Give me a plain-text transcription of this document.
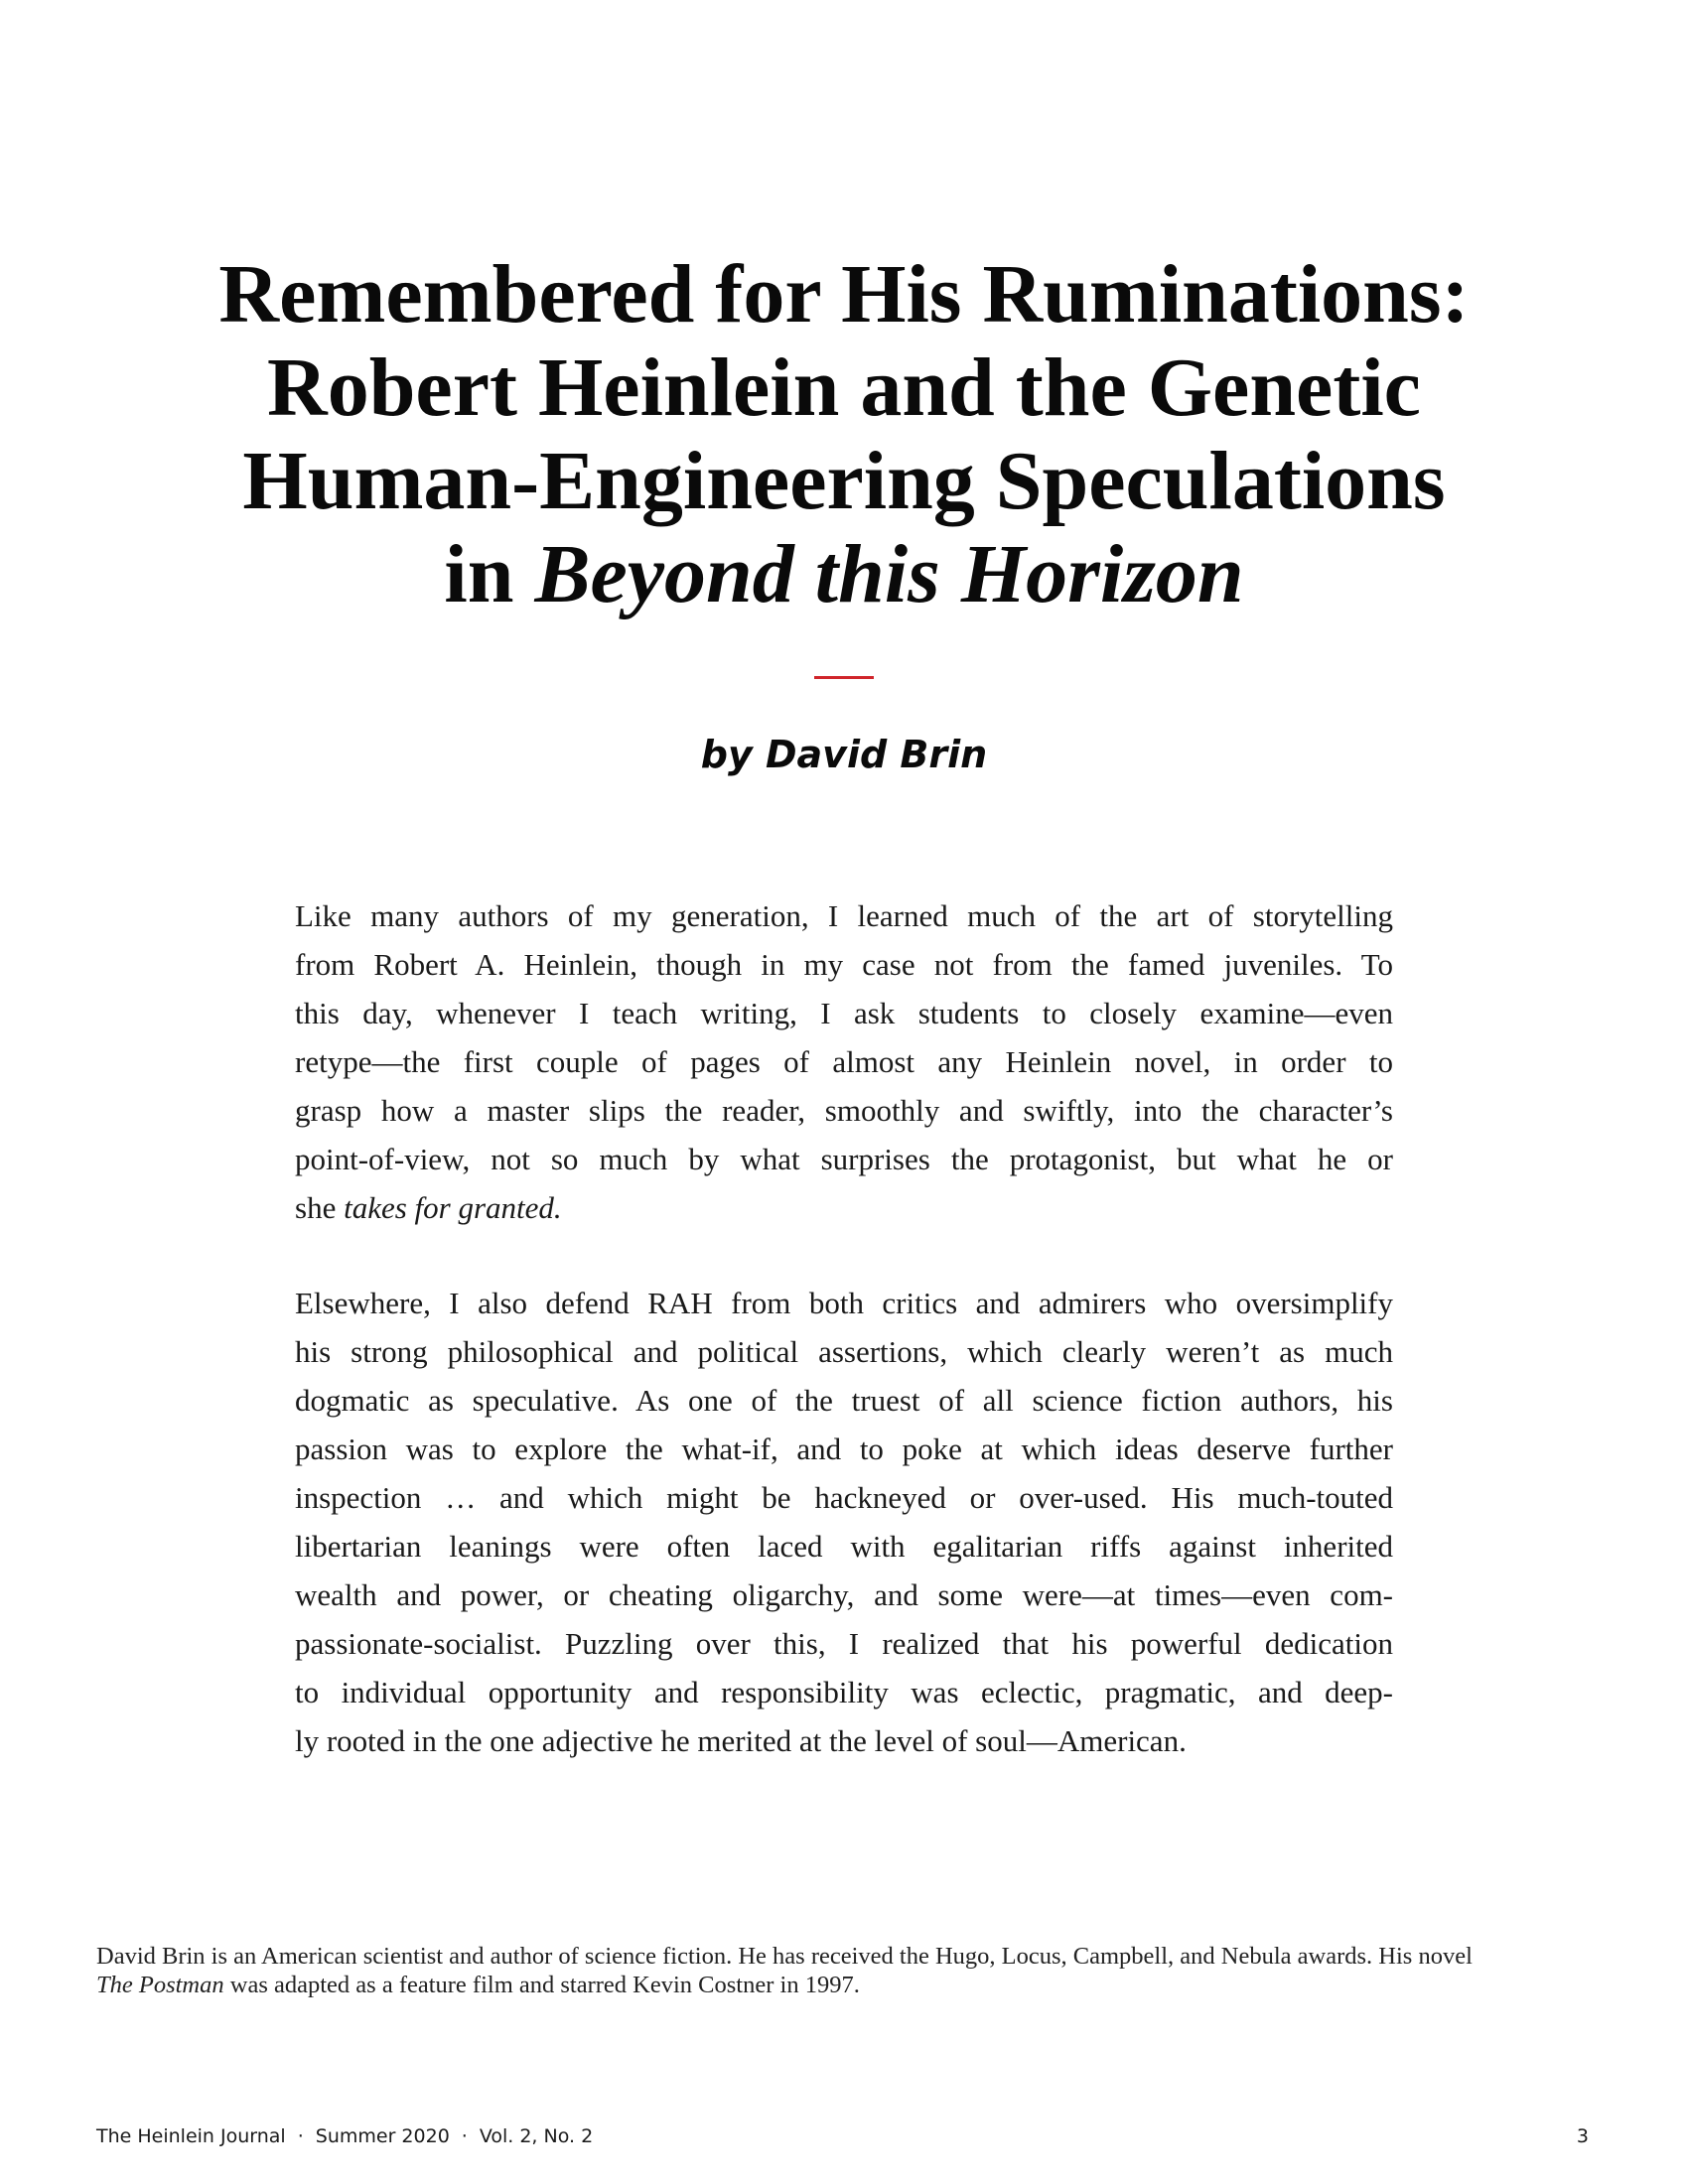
Remembered for His Ruminations:
Robert Heinlein and the Genetic
Human-Engineering Speculations
in Beyond this Horizon
by David Brin

Like many authors of my generation, I learned much of the art of storytelling
from Robert A. Heinlein, though in my case not from the famed juveniles. To
this day, whenever I teach writing, I ask students to closely examine—even
retype—the first couple of pages of almost any Heinlein novel, in order to
grasp how a master slips the reader, smoothly and swiftly, into the character’s
point-of-view, not so much by what surprises the protagonist, but what he or
she takes for granted.

Elsewhere, I also defend RAH from both critics and admirers who oversimplify
his strong philosophical and political assertions, which clearly weren’t as much
dogmatic as speculative. As one of the truest of all science fiction authors, his
passion was to explore the what-if, and to poke at which ideas deserve further
inspection … and which might be hackneyed or over-used. His much-touted
libertarian leanings were often laced with egalitarian riffs against inherited
wealth and power, or cheating oligarchy, and some were—at times—even com-
passionate-socialist. Puzzling over this, I realized that his powerful dedication
to individual opportunity and responsibility was eclectic, pragmatic, and deep-
ly rooted in the one adjective he merited at the level of soul—American.

David Brin is an American scientist and author of science fiction. He has received the Hugo, Locus, Campbell, and Nebula awards. His novel
The Postman was adapted as a feature film and starred Kevin Costner in 1997.
The Heinlein Journal · Summer 2020 · Vol. 2, No. 2	3
